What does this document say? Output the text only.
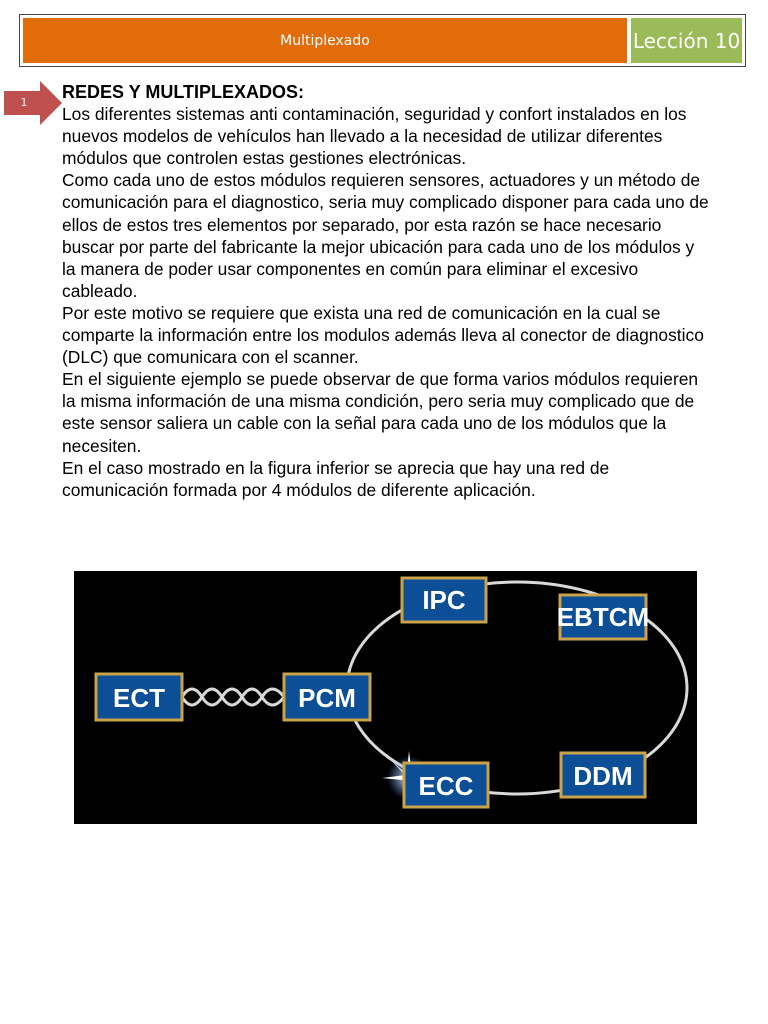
Multiplexado	Lección 10
1	REDES Y MULTIPLEXADOS:

Los diferentes sistemas anti contaminación, seguridad y confort instalados en los nuevos modelos de vehículos han llevado a la necesidad de utilizar diferentes módulos que controlen estas gestiones electrónicas.

Como cada uno de estos módulos requieren sensores, actuadores y un método de comunicación para el diagnostico, seria muy complicado disponer para cada uno de ellos de estos tres elementos por separado, por esta razón se hace necesario buscar por parte del fabricante la mejor ubicación para cada uno de los módulos y la manera de poder usar componentes en común para eliminar el excesivo cableado.

Por este motivo se requiere que exista una red de comunicación en la cual se comparte la información entre los modulos además lleva al conector de diagnostico (DLC) que comunicara con el scanner.

En el siguiente ejemplo se puede observar de que forma varios módulos requieren la misma información de una misma condición, pero seria muy complicado que de este sensor saliera un cable con la señal para cada uno de los módulos que la necesiten.

En el caso mostrado en la figura inferior se aprecia que hay una red de comunicación formada por 4 módulos de diferente aplicación.

IPC
EBTCM
ECT	PCM
ECC	DDM
